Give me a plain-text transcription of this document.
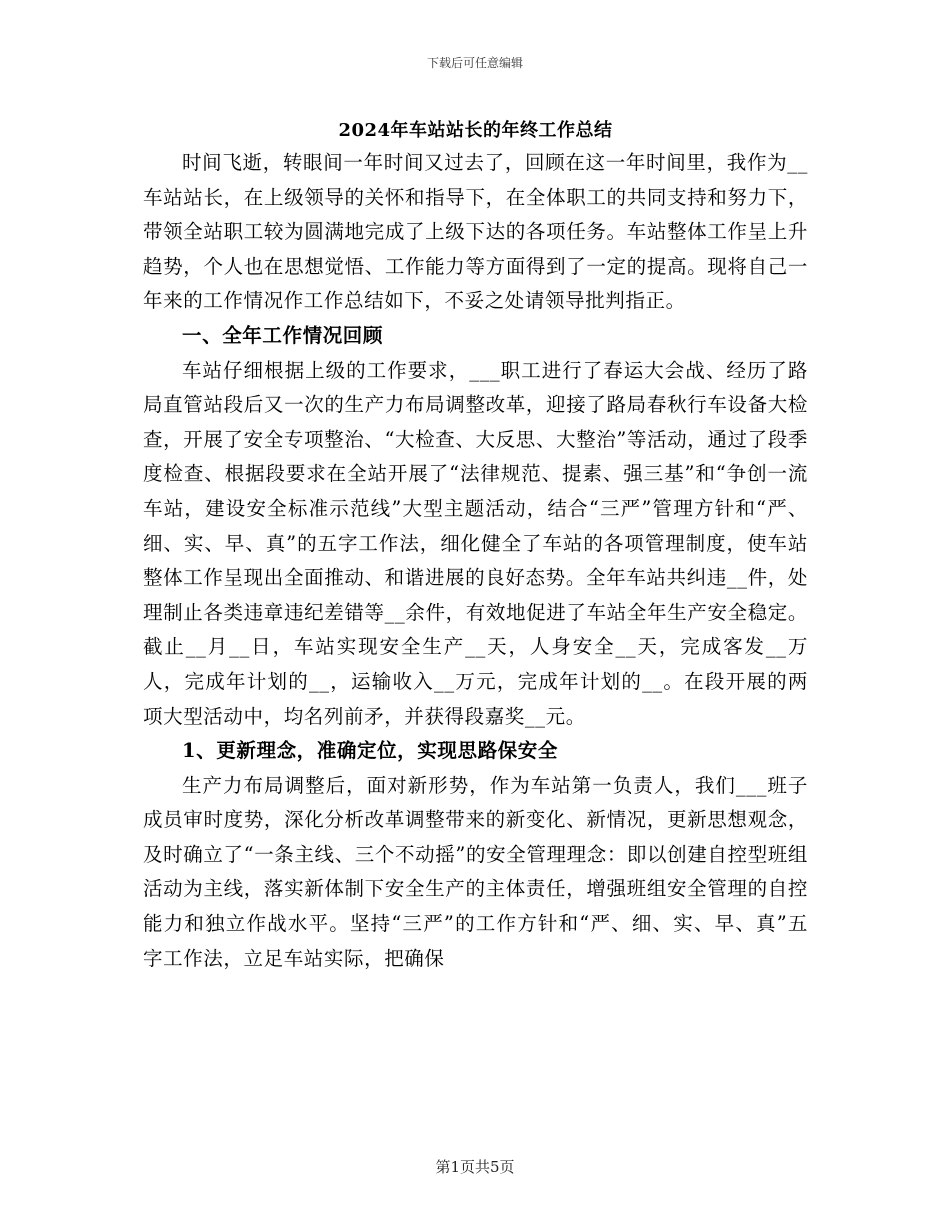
下载后可任意编辑
2024年车站站长的年终工作总结

时间飞逝，转眼间一年时间又过去了，回顾在这一年时间里，我作为__车站站长，在上级领导的关怀和指导下，在全体职工的共同支持和努力下，带领全站职工较为圆满地完成了上级下达的各项任务。车站整体工作呈上升趋势，个人也在思想觉悟、工作能力等方面得到了一定的提高。现将自己一年来的工作情况作工作总结如下，不妥之处请领导批判指正。

一、全年工作情况回顾

车站仔细根据上级的工作要求，___职工进行了春运大会战、经历了路局直管站段后又一次的生产力布局调整改革，迎接了路局春秋行车设备大检查，开展了安全专项整治、“大检查、大反思、大整治”等活动，通过了段季度检查、根据段要求在全站开展了“法律规范、提素、强三基”和“争创一流车站，建设安全标准示范线”大型主题活动，结合“三严”管理方针和“严、细、实、早、真”的五字工作法，细化健全了车站的各项管理制度，使车站整体工作呈现出全面推动、和谐进展的良好态势。全年车站共纠违__件，处理制止各类违章违纪差错等__余件，有效地促进了车站全年生产安全稳定。截止__月__日，车站实现安全生产__天，人身安全__天，完成客发__万人，完成年计划的__，运输收入__万元，完成年计划的__。在段开展的两项大型活动中，均名列前矛，并获得段嘉奖__元。

1、更新理念，准确定位，实现思路保安全

生产力布局调整后，面对新形势，作为车站第一负责人，我们___班子成员审时度势，深化分析改革调整带来的新变化、新情况，更新思想观念，及时确立了“一条主线、三个不动摇”的安全管理理念：即以创建自控型班组活动为主线，落实新体制下安全生产的主体责任，增强班组安全管理的自控能力和独立作战水平。坚持“三严”的工作方针和“严、细、实、早、真”五字工作法，立足车站实际，把确保

第1页共5页
